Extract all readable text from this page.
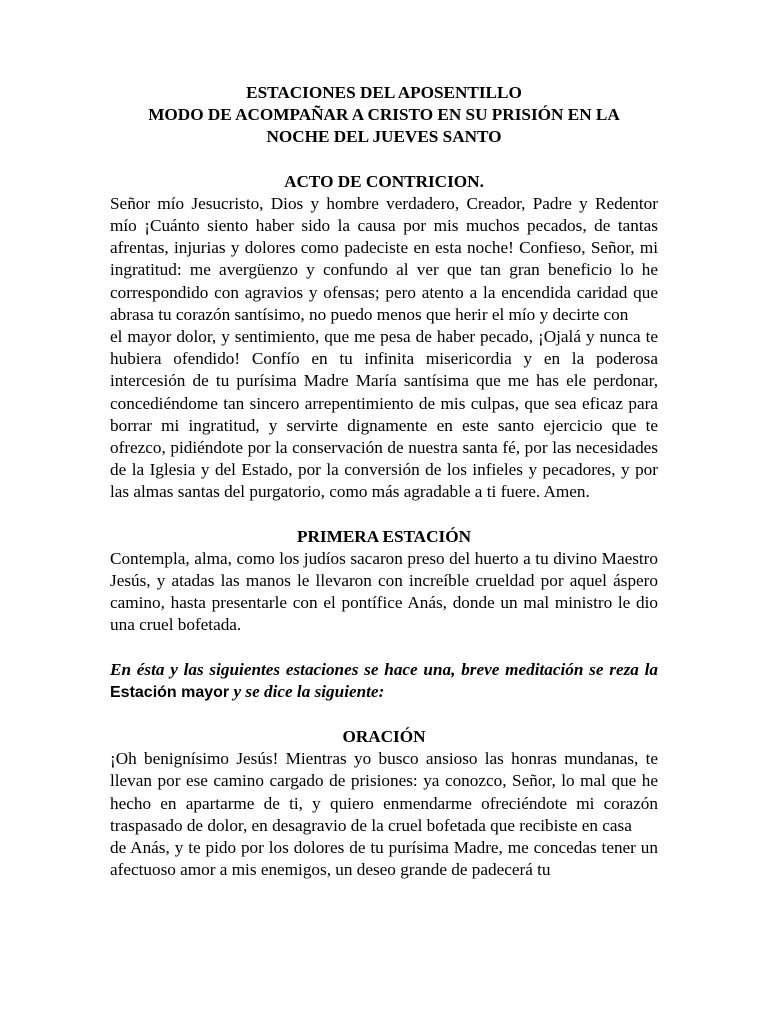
ESTACIONES DEL APOSENTILLO

MODO DE ACOMPAÑAR A CRISTO EN SU PRISIÓN EN LA

NOCHE DEL JUEVES SANTO

ACTO DE CONTRICION.

Señor mío Jesucristo, Dios y hombre verdadero, Creador, Padre y Redentor mío ¡Cuánto siento haber sido la causa por mis muchos pecados, de tantas afrentas, injurias y dolores como padeciste en esta noche! Confieso, Señor, mi ingratitud: me avergüenzo y confundo al ver que tan gran beneficio lo he correspondido con agravios y ofensas; pero atento a la encendida caridad que abrasa tu corazón santísimo, no puedo menos que herir el mío y decirte con

el mayor dolor, y sentimiento, que me pesa de haber pecado, ¡Ojalá y nunca te hubiera ofendido! Confío en tu infinita misericordia y en la poderosa intercesión de tu purísima Madre María santísima que me has ele perdonar, concediéndome tan sincero arrepentimiento de mis culpas, que sea eficaz para borrar mi ingratitud, y servirte dignamente en este santo ejercicio que te ofrezco, pidiéndote por la conservación de nuestra santa fé, por las necesidades de la Iglesia y del Estado, por la conversión de los infieles y pecadores, y por las almas santas del purgatorio, como más agradable a ti fuere. Amen.

PRIMERA ESTACIÓN

Contempla, alma, como los judíos sacaron preso del huerto a tu divino Maestro Jesús, y atadas las manos le llevaron con increíble crueldad por aquel áspero camino, hasta presentarle con el pontífice Anás, donde un mal ministro le dio una cruel bofetada.

En ésta y las siguientes estaciones se hace una, breve meditación se reza la Estación mayor y se dice la siguiente:

ORACIÓN

¡Oh benignísimo Jesús! Mientras yo busco ansioso las honras mundanas, te llevan por ese camino cargado de prisiones: ya conozco, Señor, lo mal que he hecho en apartarme de ti, y quiero enmendarme ofreciéndote mi corazón traspasado de dolor, en desagravio de la cruel bofetada que recibiste en casa

de Anás, y te pido por los dolores de tu purísima Madre, me concedas tener un afectuoso amor a mis enemigos, un deseo grande de padecerá tu
